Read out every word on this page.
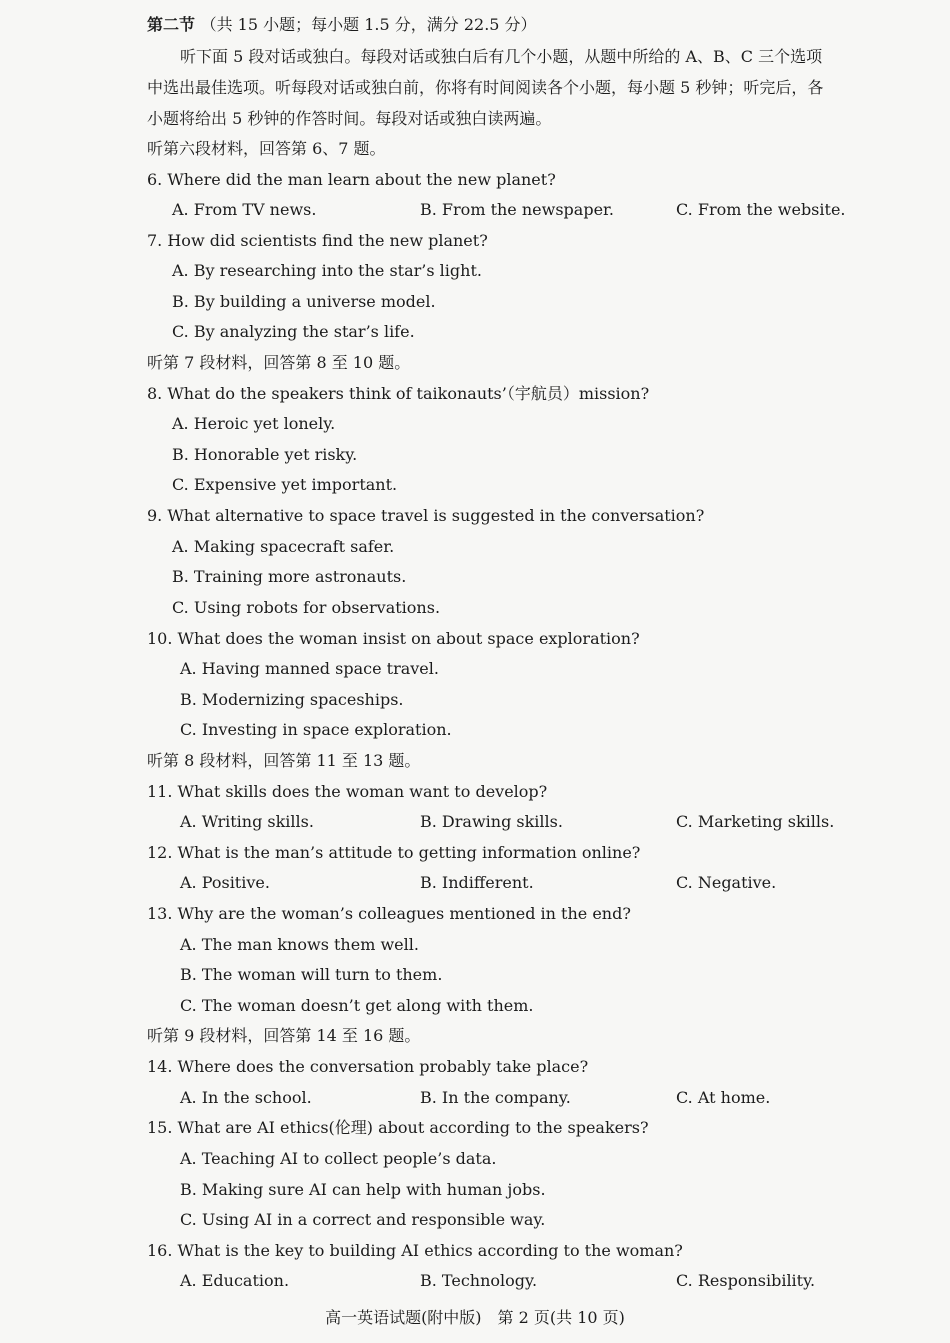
第二节 （共 15 小题；每小题 1.5 分，满分 22.5 分）
听下面 5 段对话或独白。每段对话或独白后有几个小题，从题中所给的 A、B、C 三个选项
中选出最佳选项。听每段对话或独白前，你将有时间阅读各个小题，每小题 5 秒钟；听完后，各
小题将给出 5 秒钟的作答时间。每段对话或独白读两遍。
听第六段材料，回答第 6、7 题。
6. Where did the man learn about the new planet?
A. From TV news.	B. From the newspaper.	C. From the website.
7. How did scientists find the new planet?
A. By researching into the star’s light.
B. By building a universe model.
C. By analyzing the star’s life.
听第 7 段材料，回答第 8 至 10 题。
8. What do the speakers think of taikonauts’（宇航员）mission?
A. Heroic yet lonely.
B. Honorable yet risky.
C. Expensive yet important.
9. What alternative to space travel is suggested in the conversation?
A. Making spacecraft safer.
B. Training more astronauts.
C. Using robots for observations.
10. What does the woman insist on about space exploration?
A. Having manned space travel.
B. Modernizing spaceships.
C. Investing in space exploration.
听第 8 段材料，回答第 11 至 13 题。
11. What skills does the woman want to develop?
A. Writing skills.	B. Drawing skills.	C. Marketing skills.
12. What is the man’s attitude to getting information online?
A. Positive.	B. Indifferent.	C. Negative.
13. Why are the woman’s colleagues mentioned in the end?
A. The man knows them well.
B. The woman will turn to them.
C. The woman doesn’t get along with them.
听第 9 段材料，回答第 14 至 16 题。
14. Where does the conversation probably take place?
A. In the school.	B. In the company.	C. At home.
15. What are AI ethics(伦理) about according to the speakers?
A. Teaching AI to collect people’s data.
B. Making sure AI can help with human jobs.
C. Using AI in a correct and responsible way.
16. What is the key to building AI ethics according to the woman?
A. Education.	B. Technology.	C. Responsibility.
高一英语试题(附中版)　第 2 页(共 10 页)
